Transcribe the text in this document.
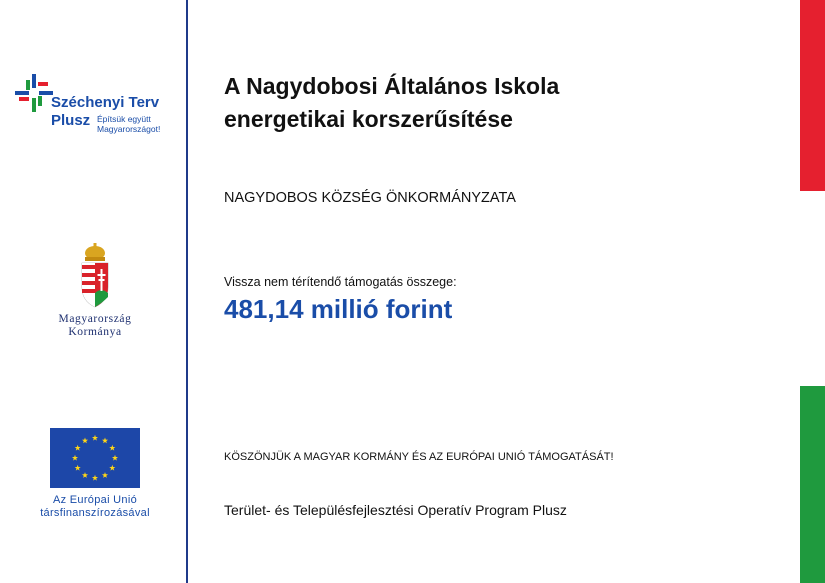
Széchenyi Terv
Plusz Építsük együtt
Magyarországot!
Magyarország
Kormánya
Az Európai Unió
társfinanszírozásával
A Nagydobosi Általános Iskola
energetikai korszerűsítése
NAGYDOBOS KÖZSÉG ÖNKORMÁNYZATA
Vissza nem térítendő támogatás összege:
481,14 millió forint
KÖSZÖNJÜK A MAGYAR KORMÁNY ÉS AZ EURÓPAI UNIÓ TÁMOGATÁSÁT!
Terület- és Településfejlesztési Operatív Program Plusz
